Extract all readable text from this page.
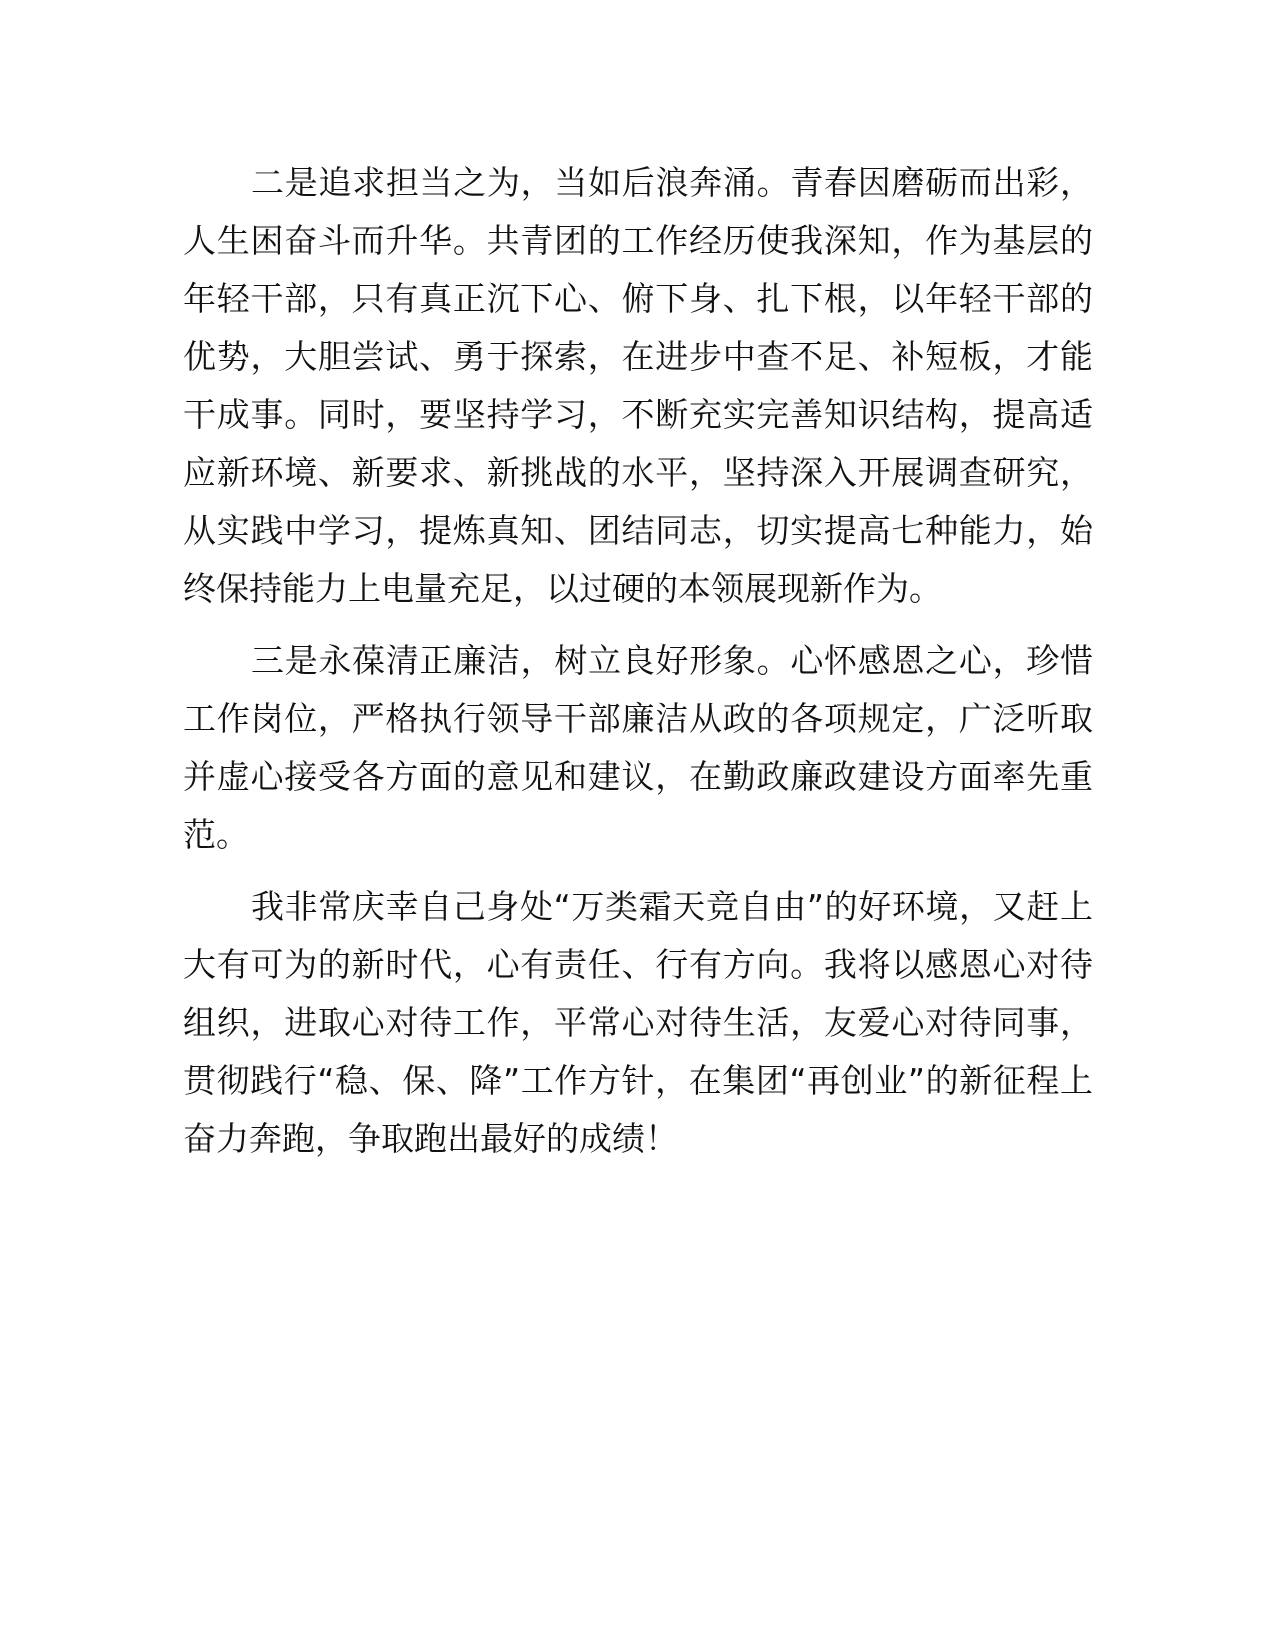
二是追求担当之为，当如后浪奔涌。青春因磨砺而出彩，人生困奋斗而升华。共青团的工作经历使我深知，作为基层的年轻干部，只有真正沉下心、俯下身、扎下根，以年轻干部的优势，大胆尝试、勇于探索，在进步中查不足、补短板，才能干成事。同时，要坚持学习，不断充实完善知识结构，提高适应新环境、新要求、新挑战的水平，坚持深入开展调查研究，从实践中学习，提炼真知、团结同志，切实提高七种能力，始终保持能力上电量充足，以过硬的本领展现新作为。

三是永葆清正廉洁，树立良好形象。心怀感恩之心，珍惜工作岗位，严格执行领导干部廉洁从政的各项规定，广泛听取并虚心接受各方面的意见和建议，在勤政廉政建设方面率先重范。

我非常庆幸自己身处“万类霜天竞自由”的好环境，又赶上大有可为的新时代，心有责任、行有方向。我将以感恩心对待组织，进取心对待工作，平常心对待生活，友爱心对待同事，贯彻践行“稳、保、降”工作方针，在集团“再创业”的新征程上奋力奔跑，争取跑出最好的成绩！
